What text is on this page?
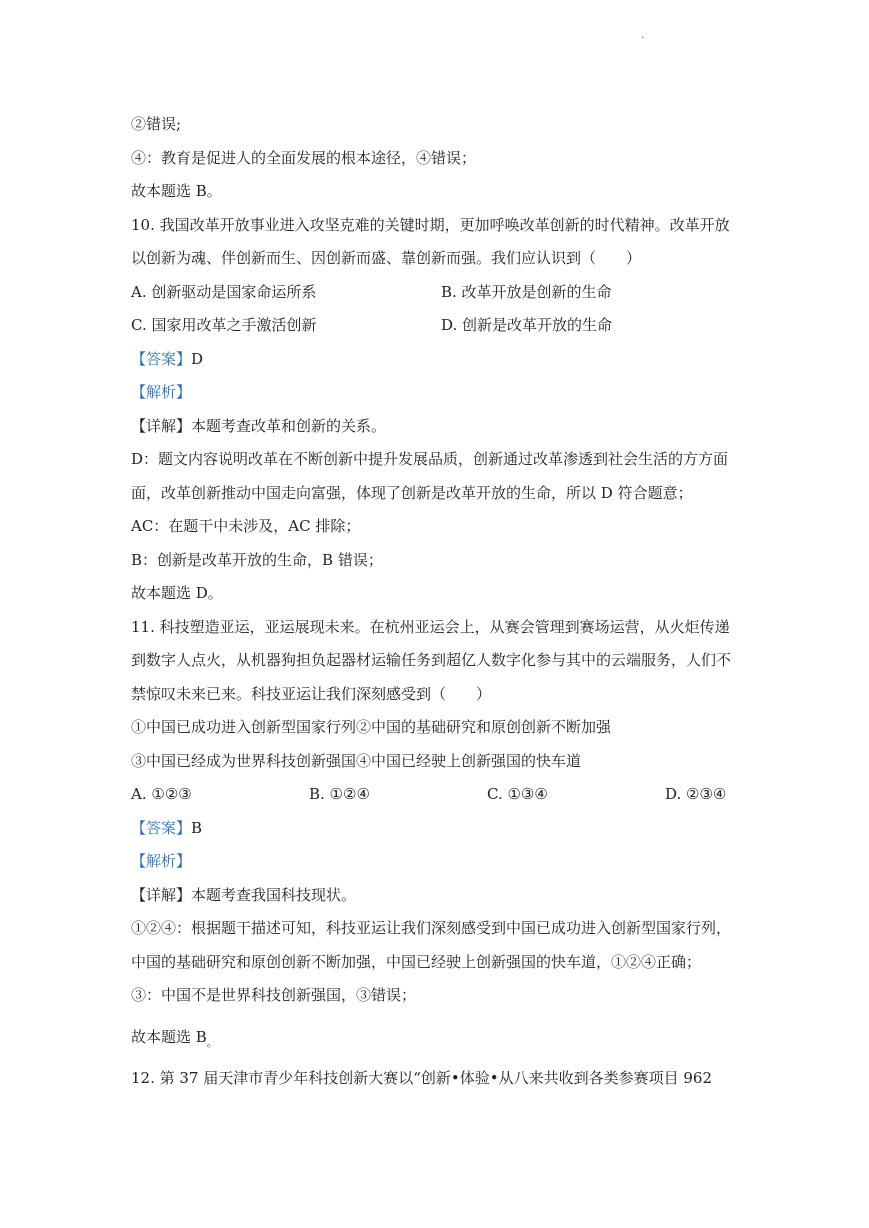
.
②错误;
④：教育是促进人的全面发展的根本途径，④错误；
故本题选 B。
10. 我国改革开放事业进入攻坚克难的关键时期，更加呼唤改革创新的时代精神。改革开放
以创新为魂、伴创新而生、因创新而盛、靠创新而强。我们应认识到（　　）
A. 创新驱动是国家命运所系	B. 改革开放是创新的生命
C. 国家用改革之手激活创新	D. 创新是改革开放的生命
【答案】D
【解析】
【详解】本题考查改革和创新的关系。
D：题文内容说明改革在不断创新中提升发展品质，创新通过改革渗透到社会生活的方方面
面，改革创新推动中国走向富强，体现了创新是改革开放的生命，所以 D 符合题意；
AC：在题干中未涉及，AC 排除；
B：创新是改革开放的生命，B 错误；
故本题选 D。
11. 科技塑造亚运，亚运展现未来。在杭州亚运会上，从赛会管理到赛场运营，从火炬传递
到数字人点火，从机器狗担负起器材运输任务到超亿人数字化参与其中的云端服务，人们不
禁惊叹未来已来。科技亚运让我们深刻感受到（　　）
①中国已成功进入创新型国家行列②中国的基础研究和原创创新不断加强
③中国已经成为世界科技创新强国④中国已经驶上创新强国的快车道
A. ①②③	B. ①②④	C. ①③④	D. ②③④
【答案】B
【解析】
【详解】本题考查我国科技现状。
①②④：根据题干描述可知，科技亚运让我们深刻感受到中国已成功进入创新型国家行列，
中国的基础研究和原创创新不断加强，中国已经驶上创新强国的快车道，①②④正确；
③：中国不是世界科技创新强国，③错误；
故本题选 $B_。$
12. 第 37 届天津市青少年科技创新大赛以“创新•体验•从八来共收到各类参赛项目 962
